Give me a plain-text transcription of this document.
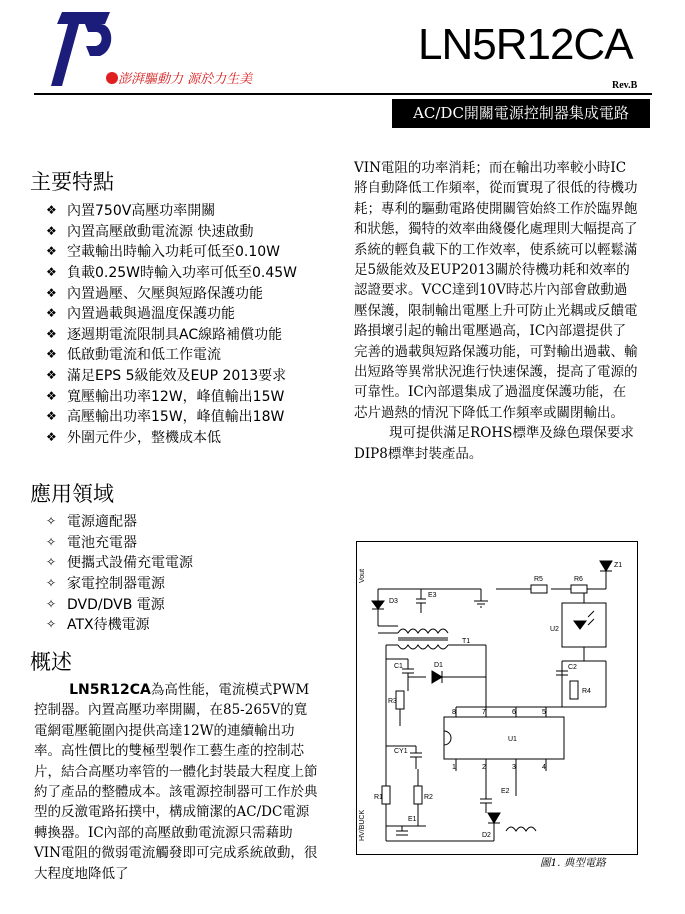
澎湃驅動力 源於力生美
LN5R12CA
Rev.B
AC/DC開關電源控制器集成電路
主要特點
❖ 內置750V高壓功率開關
❖ 內置高壓啟動電流源 快速啟動
❖ 空載輸出時輸入功耗可低至0.10W
❖ 負載0.25W時輸入功率可低至0.45W
❖ 內置過壓、欠壓與短路保護功能
❖ 內置過載與過溫度保護功能
❖ 逐週期電流限制具AC線路補償功能
❖ 低啟動電流和低工作電流
❖ 滿足EPS 5級能效及EUP 2013要求
❖ 寬壓輸出功率12W，峰值輸出15W
❖ 高壓輸出功率15W，峰值輸出18W
❖ 外圍元件少，整機成本低
應用領域
✧ 電源適配器
✧ 電池充電器
✧ 便攜式設備充電電源
✧ 家電控制器電源
✧ DVD/DVB 電源
✧ ATX待機電源
概述

LN5R12CA為高性能，電流模式PWM控制器。內置高壓功率開關，在85-265V的寬電網電壓範圍內提供高達12W的連續輸出功率。高性價比的雙極型製作工藝生產的控制芯片，結合高壓功率管的一體化封裝最大程度上節約了產品的整體成本。該電源控制器可工作於典型的反激電路拓撲中，構成簡潔的AC/DC電源轉換器。IC內部的高壓啟動電流源只需藉助VIN電阻的微弱電流觸發即可完成系統啟動，很大程度地降低了

VIN電阻的功率消耗；而在輸出功率較小時IC將自動降低工作頻率，從而實現了很低的待機功耗；專利的驅動電路使開關管始終工作於臨界飽和狀態，獨特的效率曲綫優化處理則大幅提高了系統的輕負載下的工作效率，使系統可以輕鬆滿足5級能效及EUP2013關於待機功耗和效率的認證要求。VCC達到10V時芯片內部會啟動過壓保護，限制輸出電壓上升可防止光耦或反饋電路損壞引起的輸出電壓過高，IC內部還提供了完善的過載與短路保護功能，可對輸出過載、輸出短路等異常狀況進行快速保護，提高了電源的可靠性。IC內部還集成了過溫度保護功能，在芯片過熱的情況下降低工作頻率或關閉輸出。

現可提供滿足ROHS標準及綠色環保要求DIP8標準封裝產品。

Vout
HV/BUCK
D3
E3
T1
C1	D1
R3
CY1
R1	R2
E1
E2
D2
U1
8	7	6	5
1	2	3	4
Z1
R5	R6
U2
C2
R4
圖1. 典型電路
